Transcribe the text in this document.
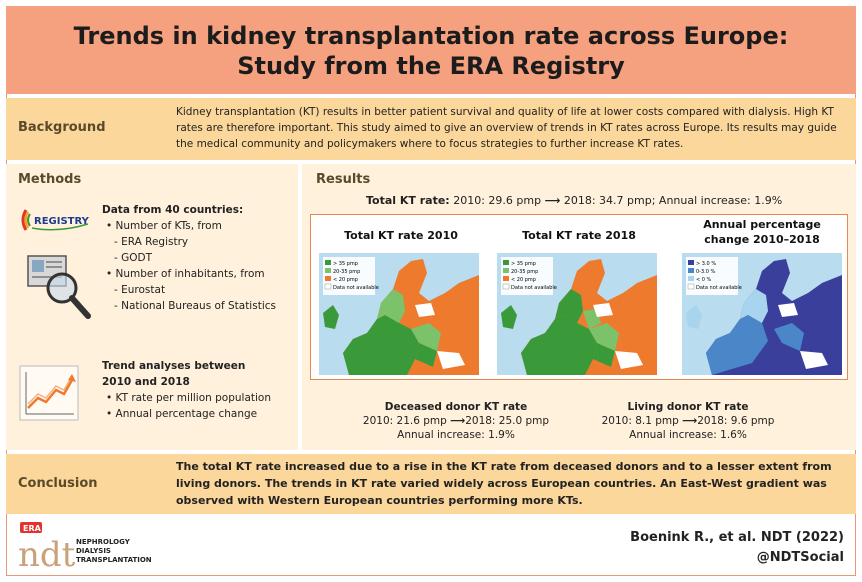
Trends in kidney transplantation rate across Europe:
Study from the ERA Registry
Background
Kidney transplantation (KT) results in better patient survival and quality of life at lower costs compared with dialysis. High KT rates are therefore important. This study aimed to give an overview of trends in KT rates across Europe. Its results may guide the medical community and policymakers where to focus strategies to further increase KT rates.
Methods
REGISTRY
Data from 40 countries:
• Number of KTs, from
- ERA Registry
- GODT
• Number of inhabitants, from
- Eurostat
- National Bureaus of Statistics
Trend analyses between
2010 and 2018
• KT rate per million population
• Annual percentage change
Results
Total KT rate: 2010: 29.6 pmp ⟶ 2018: 34.7 pmp; Annual increase: 1.9%
Total KT rate 2010	Total KT rate 2018
Annual percentage
change 2010–2018
> 35 pmp
20-35 pmp
< 20 pmp
Data not available
> 35 pmp
20-35 pmp
< 20 pmp
Data not available
> 3.0 %
0-3.0 %
< 0 %
Data not available
Deceased donor KT rate
2010: 21.6 pmp ⟶2018: 25.0 pmp
Annual increase: 1.9%
Living donor KT rate
2010: 8.1 pmp ⟶2018: 9.6 pmp
Annual increase: 1.6%
Conclusion
The total KT rate increased due to a rise in the KT rate from deceased donors and to a lesser extent from living donors. The trends in KT rate varied widely across European countries. An East-West gradient was observed with Western European countries performing more KTs.
ERA
ndt NEPHROLOGY
DIALYSIS
TRANSPLANTATION
Boenink R., et al. NDT (2022)
@NDTSocial
